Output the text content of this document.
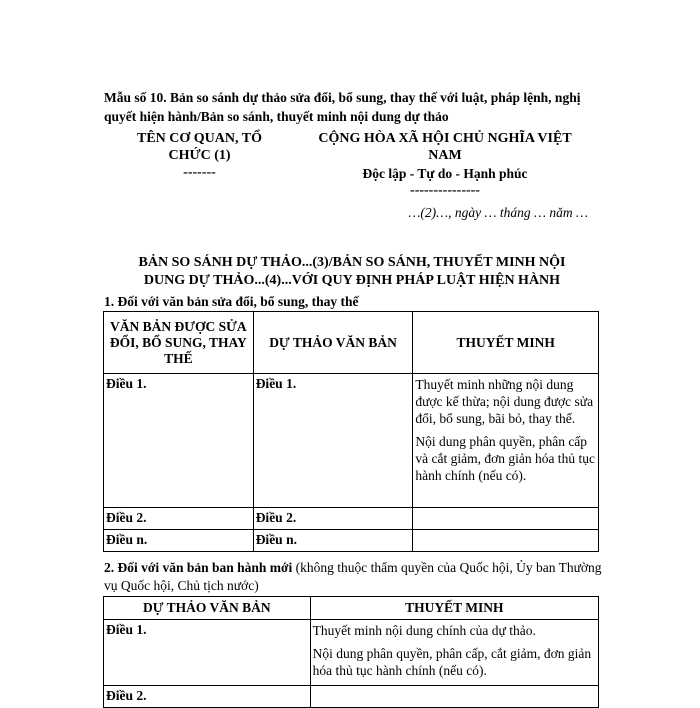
Mẫu số 10. Bản so sánh dự thảo sửa đổi, bổ sung, thay thế với luật, pháp lệnh, nghị quyết hiện hành/Bản so sánh, thuyết minh nội dung dự thảo
TÊN CƠ QUAN, TỔ
CHỨC (1)
-------
CỘNG HÒA XÃ HỘI CHỦ NGHĨA VIỆT
NAM
Độc lập - Tự do - Hạnh phúc
---------------
…(2)…, ngày … tháng … năm …
BẢN SO SÁNH DỰ THẢO...(3)/BẢN SO SÁNH, THUYẾT MINH NỘI
DUNG DỰ THẢO...(4)...VỚI QUY ĐỊNH PHÁP LUẬT HIỆN HÀNH
1. Đối với văn bản sửa đổi, bổ sung, thay thế
VĂN BẢN ĐƯỢC SỬA ĐỔI, BỔ SUNG, THAY THẾ	DỰ THẢO VĂN BẢN	THUYẾT MINH
Điều 1.	Điều 1.	Thuyết minh những nội dung được kế thừa; nội dung được sửa đổi, bổ sung, bãi bỏ, thay thế.

Nội dung phân quyền, phân cấp và cắt giảm, đơn giản hóa thủ tục hành chính (nếu có).

Điều 2.	Điều 2.	
Điều n.	Điều n.	
2. Đối với văn bản ban hành mới (không thuộc thẩm quyền của Quốc hội, Ủy ban Thường vụ Quốc hội, Chủ tịch nước)
DỰ THẢO VĂN BẢN	THUYẾT MINH
Điều 1.	Thuyết minh nội dung chính của dự thảo.

Nội dung phân quyền, phân cấp, cắt giảm, đơn giản hóa thủ tục hành chính (nếu có).

Điều 2.	
